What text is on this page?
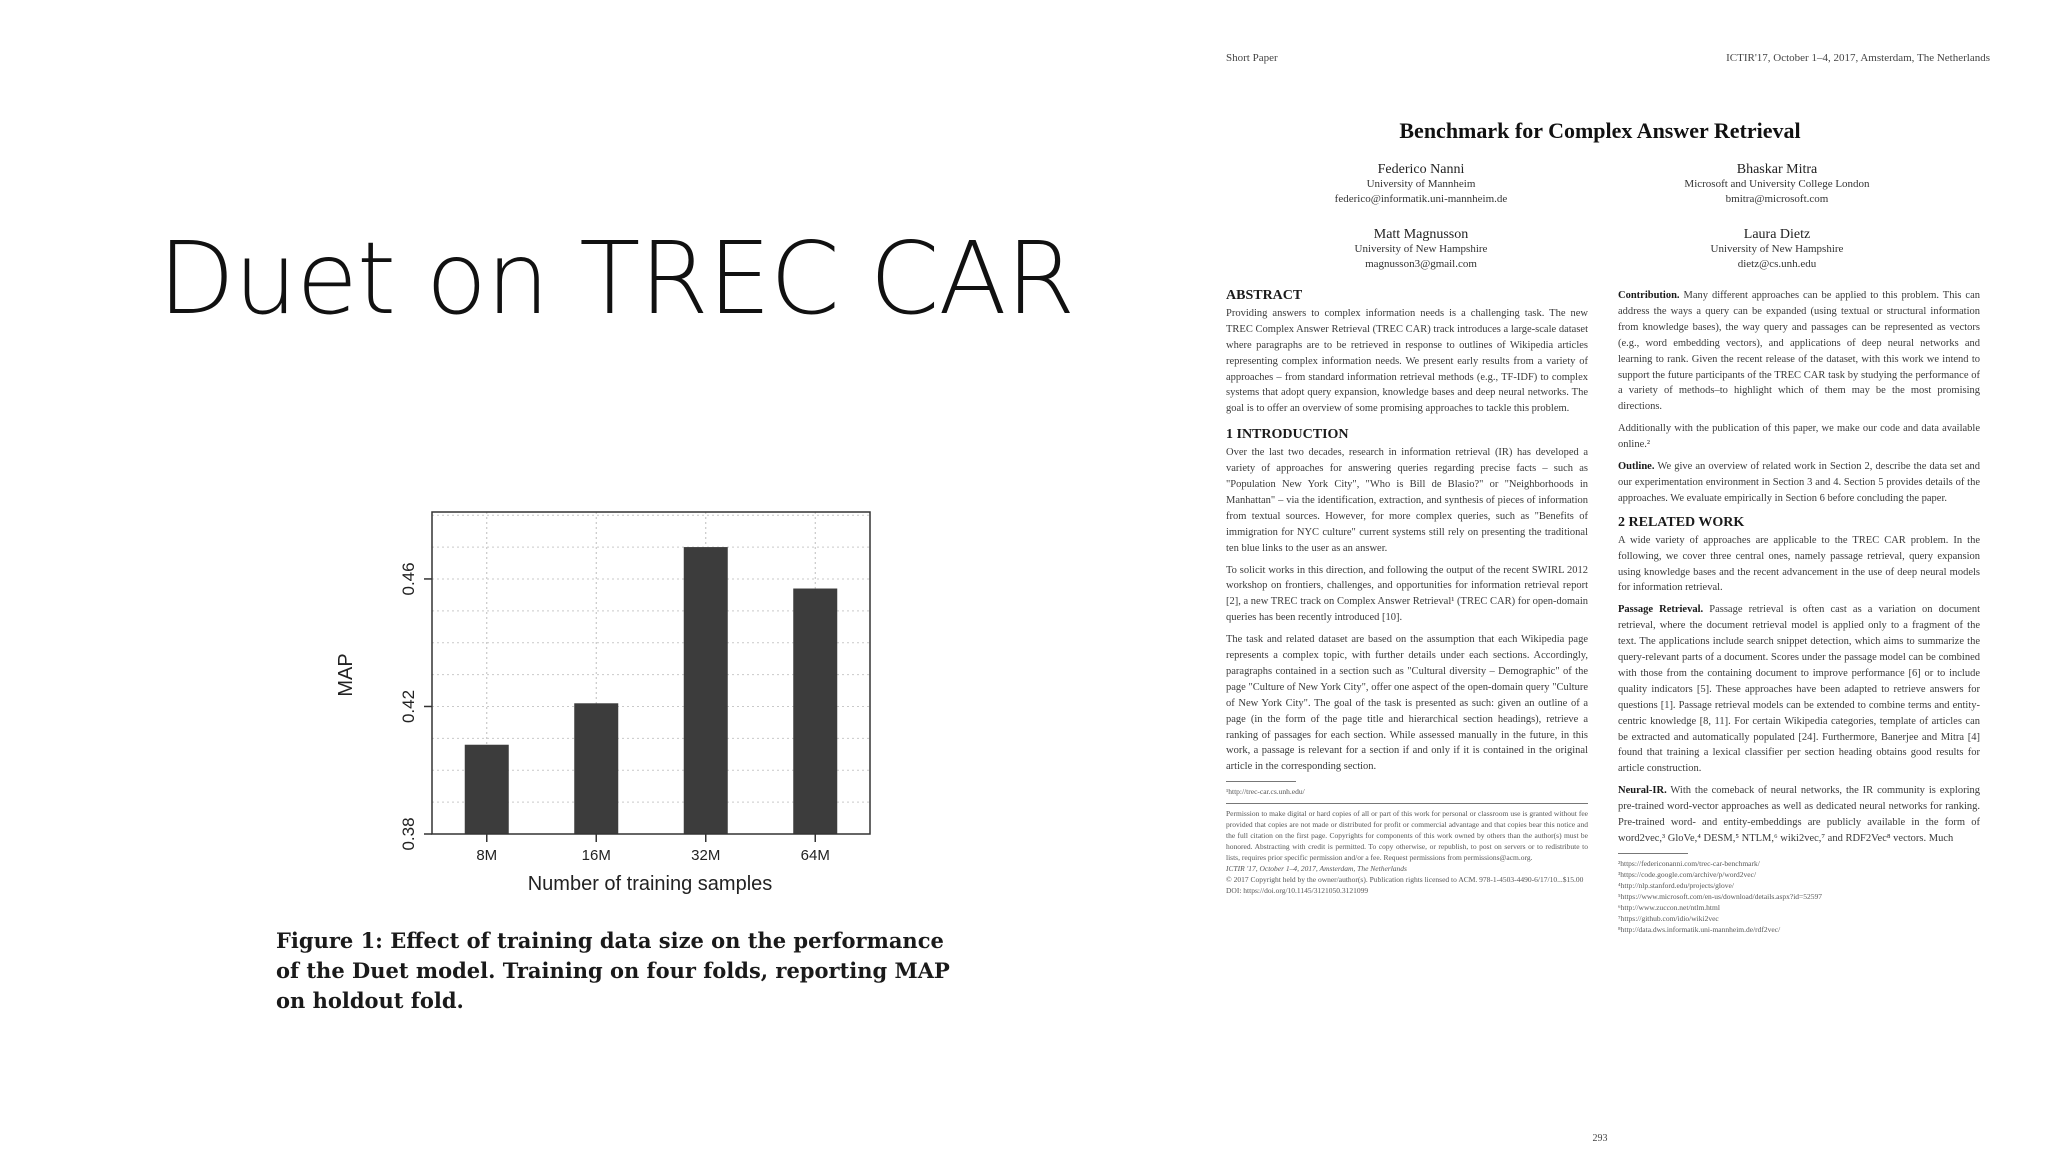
Duet on TREC CAR
0.38
0.42
0.46
8M	16M	32M	64M
MAP
Number of training samples
Figure 1: Effect of training data size on the performance of the Duet model. Training on four folds, reporting MAP on holdout fold.
Short Paper	ICTIR'17, October 1–4, 2017, Amsterdam, The Netherlands
Benchmark for Complex Answer Retrieval
Federico Nanni
University of Mannheim
federico@informatik.uni-mannheim.de
Bhaskar Mitra
Microsoft and University College London
bmitra@microsoft.com
Matt Magnusson
University of New Hampshire
magnusson3@gmail.com
Laura Dietz
University of New Hampshire
dietz@cs.unh.edu
ABSTRACT

Providing answers to complex information needs is a challenging task. The new TREC Complex Answer Retrieval (TREC CAR) track introduces a large-scale dataset where paragraphs are to be retrieved in response to outlines of Wikipedia articles representing complex information needs. We present early results from a variety of approaches – from standard information retrieval methods (e.g., TF-IDF) to complex systems that adopt query expansion, knowledge bases and deep neural networks. The goal is to offer an overview of some promising approaches to tackle this problem.

1 INTRODUCTION

Over the last two decades, research in information retrieval (IR) has developed a variety of approaches for answering queries regarding precise facts – such as "Population New York City", "Who is Bill de Blasio?" or "Neighborhoods in Manhattan" – via the identification, extraction, and synthesis of pieces of information from textual sources. However, for more complex queries, such as "Benefits of immigration for NYC culture" current systems still rely on presenting the traditional ten blue links to the user as an answer.

To solicit works in this direction, and following the output of the recent SWIRL 2012 workshop on frontiers, challenges, and opportunities for information retrieval report [2], a new TREC track on Complex Answer Retrieval¹ (TREC CAR) for open-domain queries has been recently introduced [10].

The task and related dataset are based on the assumption that each Wikipedia page represents a complex topic, with further details under each sections. Accordingly, paragraphs contained in a section such as "Cultural diversity – Demographic" of the page "Culture of New York City", offer one aspect of the open-domain query "Culture of New York City". The goal of the task is presented as such: given an outline of a page (in the form of the page title and hierarchical section headings), retrieve a ranking of passages for each section. While assessed manually in the future, in this work, a passage is relevant for a section if and only if it is contained in the original article in the corresponding section.

¹http://trec-car.cs.unh.edu/
Permission to make digital or hard copies of all or part of this work for personal or classroom use is granted without fee provided that copies are not made or distributed for profit or commercial advantage and that copies bear this notice and the full citation on the first page. Copyrights for components of this work owned by others than the author(s) must be honored. Abstracting with credit is permitted. To copy otherwise, or republish, to post on servers or to redistribute to lists, requires prior specific permission and/or a fee. Request permissions from permissions@acm.org.
ICTIR '17, October 1–4, 2017, Amsterdam, The Netherlands
© 2017 Copyright held by the owner/author(s). Publication rights licensed to ACM. 978-1-4503-4490-6/17/10...$15.00
DOI: https://doi.org/10.1145/3121050.3121099

Contribution. Many different approaches can be applied to this problem. This can address the ways a query can be expanded (using textual or structural information from knowledge bases), the way query and passages can be represented as vectors (e.g., word embedding vectors), and applications of deep neural networks and learning to rank. Given the recent release of the dataset, with this work we intend to support the future participants of the TREC CAR task by studying the performance of a variety of methods–to highlight which of them may be the most promising directions.

Additionally with the publication of this paper, we make our code and data available online.²

Outline. We give an overview of related work in Section 2, describe the data set and our experimentation environment in Section 3 and 4. Section 5 provides details of the approaches. We evaluate empirically in Section 6 before concluding the paper.

2 RELATED WORK

A wide variety of approaches are applicable to the TREC CAR problem. In the following, we cover three central ones, namely passage retrieval, query expansion using knowledge bases and the recent advancement in the use of deep neural models for information retrieval.

Passage Retrieval. Passage retrieval is often cast as a variation on document retrieval, where the document retrieval model is applied only to a fragment of the text. The applications include search snippet detection, which aims to summarize the query-relevant parts of a document. Scores under the passage model can be combined with those from the containing document to improve performance [6] or to include quality indicators [5]. These approaches have been adapted to retrieve answers for questions [1]. Passage retrieval models can be extended to combine terms and entity-centric knowledge [8, 11]. For certain Wikipedia categories, template of articles can be extracted and automatically populated [24]. Furthermore, Banerjee and Mitra [4] found that training a lexical classifier per section heading obtains good results for article construction.

Neural-IR. With the comeback of neural networks, the IR community is exploring pre-trained word-vector approaches as well as dedicated neural networks for ranking. Pre-trained word- and entity-embeddings are publicly available in the form of word2vec,³ GloVe,⁴ DESM,⁵ NTLM,⁶ wiki2vec,⁷ and RDF2Vec⁸ vectors. Much

²https://federiconanni.com/trec-car-benchmark/
³https://code.google.com/archive/p/word2vec/
⁴http://nlp.stanford.edu/projects/glove/
⁵https://www.microsoft.com/en-us/download/details.aspx?id=52597
⁶http://www.zuccon.net/ntlm.html
⁷https://github.com/idio/wiki2vec
⁸http://data.dws.informatik.uni-mannheim.de/rdf2vec/
293
